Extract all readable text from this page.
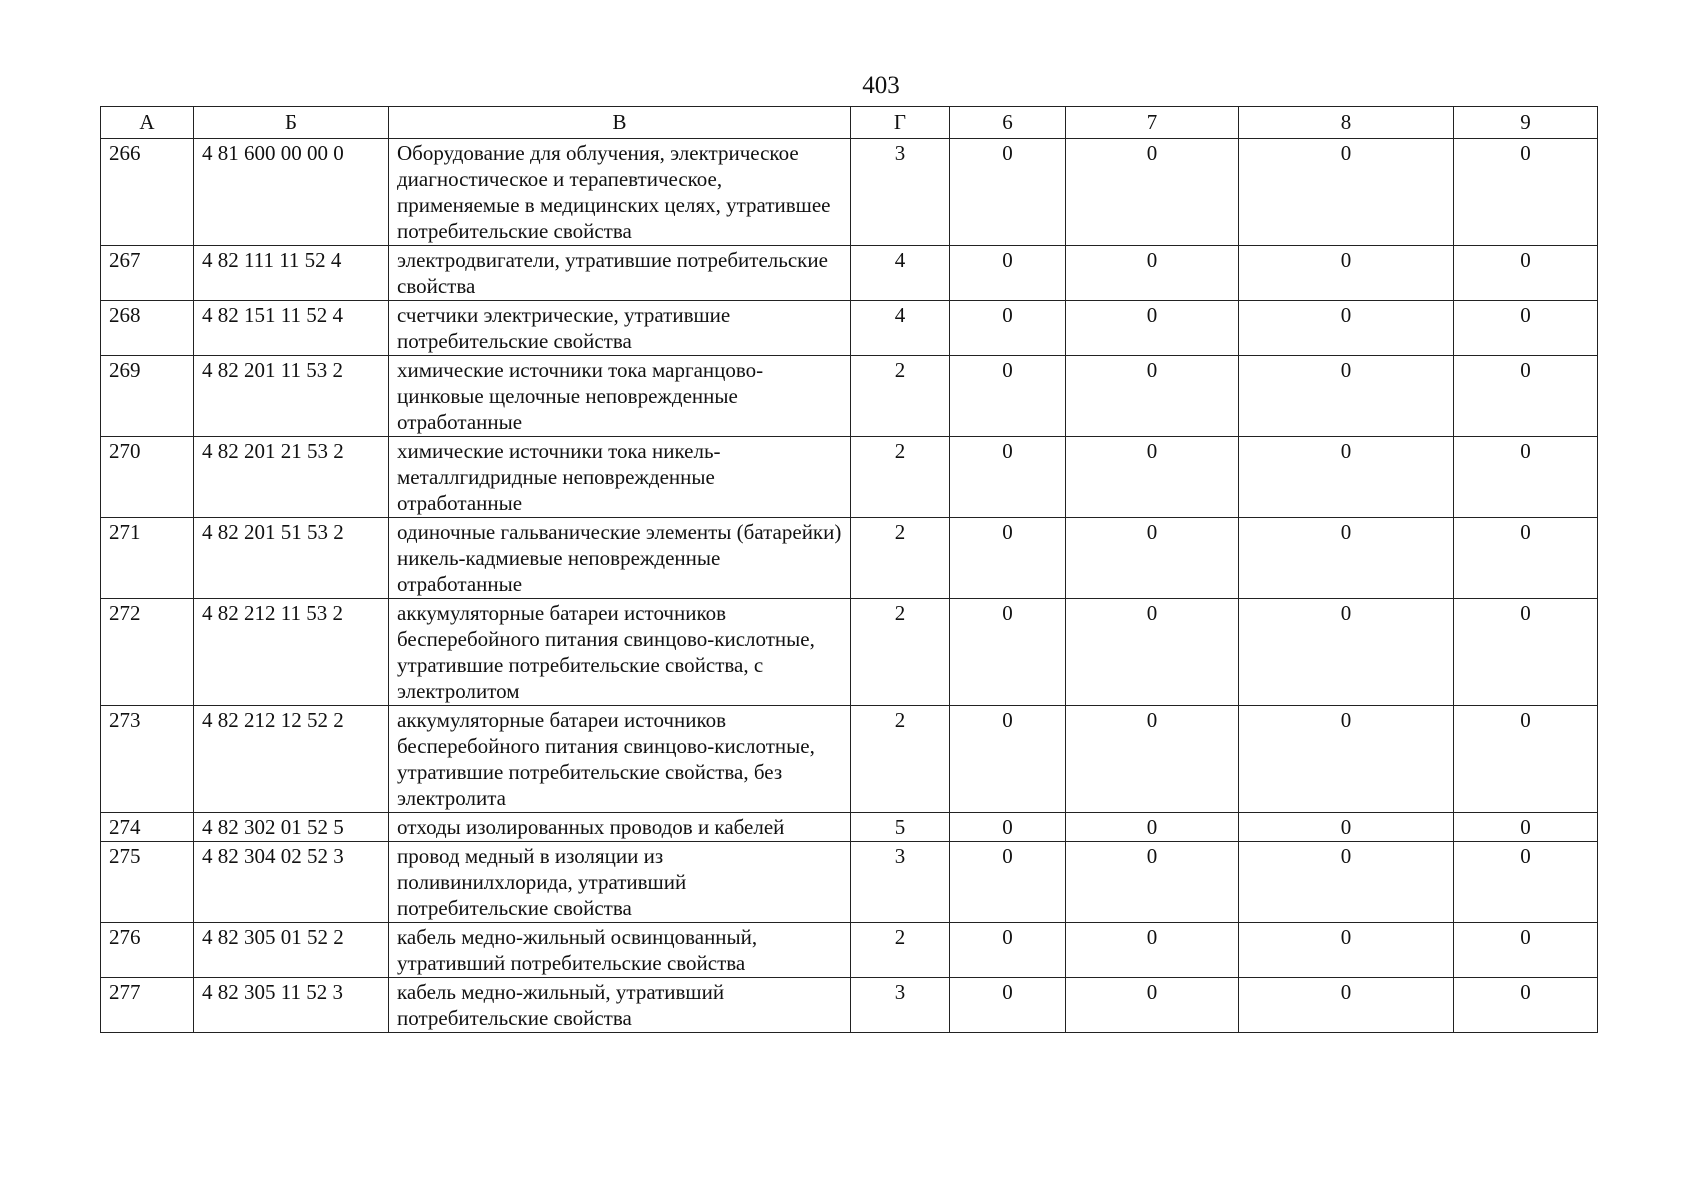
403
А	Б	В	Г	6	7	8	9
266	4 81 600 00 00 0	Оборудование для облучения, электрическое диагностическое и терапевтическое, применяемые в медицинских целях, утратившее потребительские свойства	3	0	0	0	0
267	4 82 111 11 52 4	электродвигатели, утратившие потребительские свойства	4	0	0	0	0
268	4 82 151 11 52 4	счетчики электрические, утратившие потребительские свойства	4	0	0	0	0
269	4 82 201 11 53 2	химические источники тока марганцово-цинковые щелочные неповрежденные отработанные	2	0	0	0	0
270	4 82 201 21 53 2	химические источники тока никель-металлгидридные неповрежденные отработанные	2	0	0	0	0
271	4 82 201 51 53 2	одиночные гальванические элементы (батарейки) никель-кадмиевые неповрежденные отработанные	2	0	0	0	0
272	4 82 212 11 53 2	аккумуляторные батареи источников бесперебойного питания свинцово-кислотные, утратившие потребительские свойства, с электролитом	2	0	0	0	0
273	4 82 212 12 52 2	аккумуляторные батареи источников бесперебойного питания свинцово-кислотные, утратившие потребительские свойства, без электролита	2	0	0	0	0
274	4 82 302 01 52 5	отходы изолированных проводов и кабелей	5	0	0	0	0
275	4 82 304 02 52 3	провод медный в изоляции из поливинилхлорида, утративший потребительские свойства	3	0	0	0	0
276	4 82 305 01 52 2	кабель медно-жильный освинцованный, утративший потребительские свойства	2	0	0	0	0
277	4 82 305 11 52 3	кабель медно-жильный, утративший потребительские свойства	3	0	0	0	0
